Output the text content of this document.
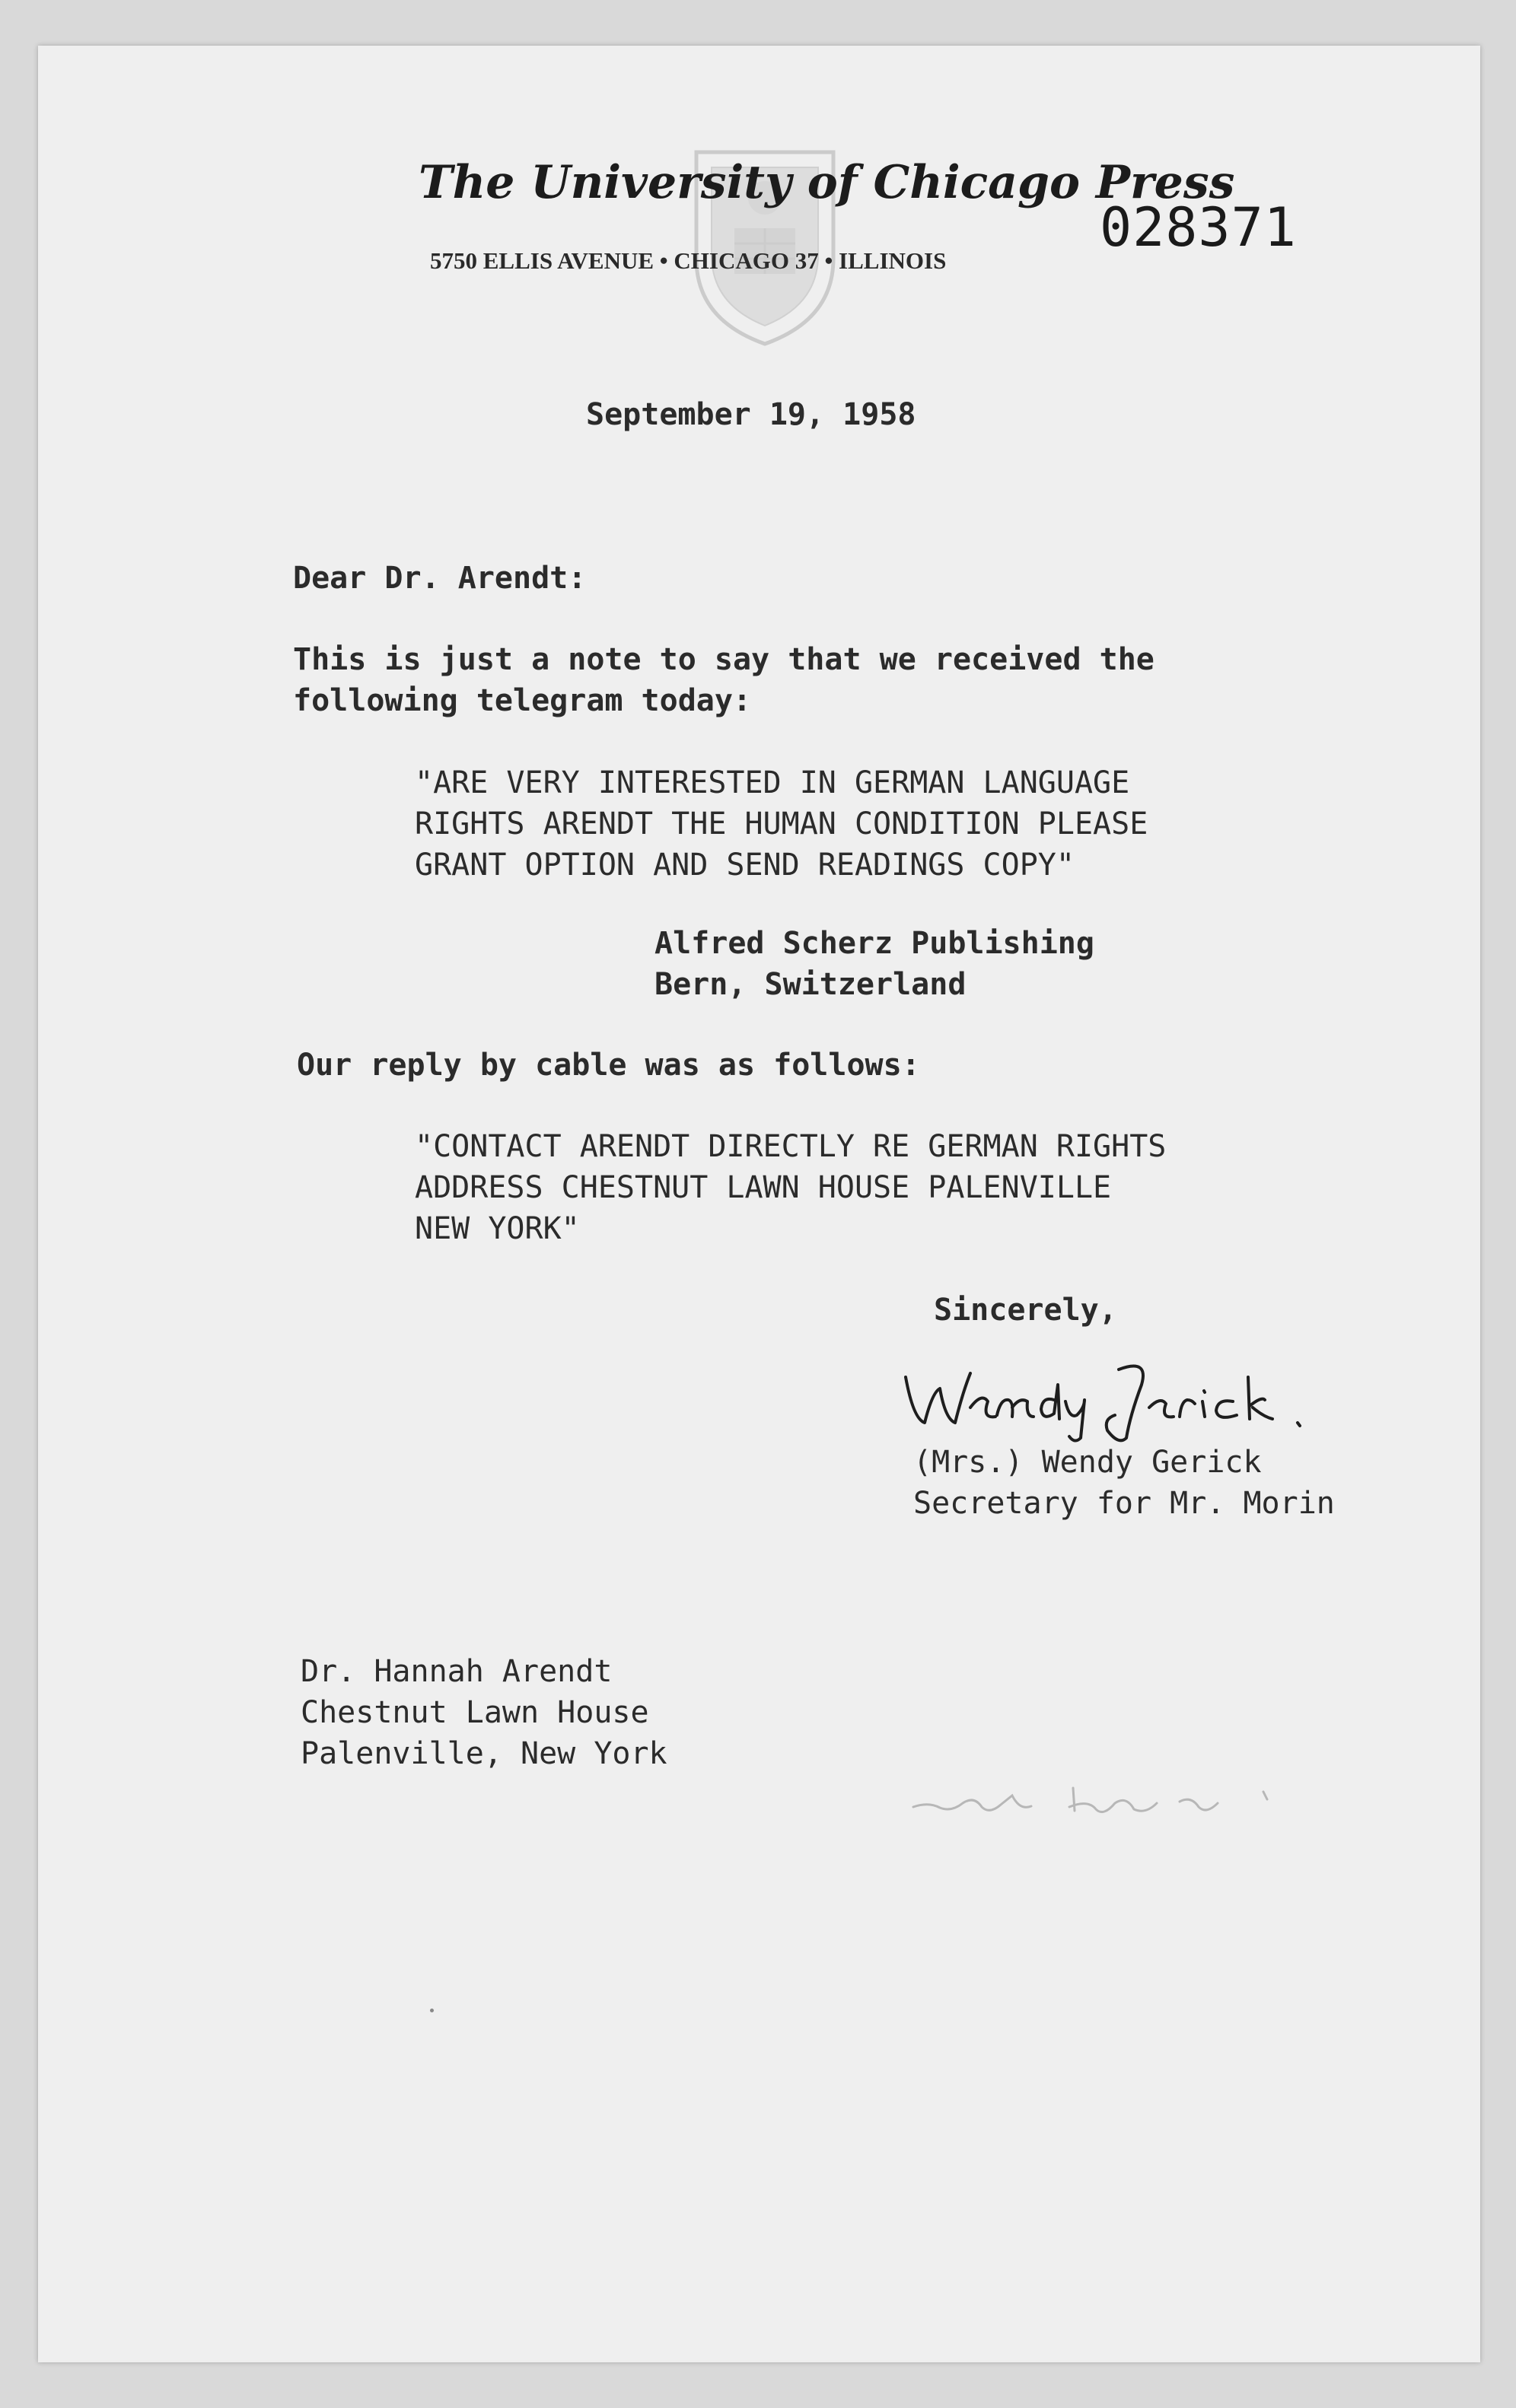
The University of Chicago Press
5750 ELLIS AVENUE • CHICAGO 37 • ILLINOIS
028371
September 19, 1958
Dear Dr. Arendt:
This is just a note to say that we received the
following telegram today:
"ARE VERY INTERESTED IN GERMAN LANGUAGE
RIGHTS ARENDT THE HUMAN CONDITION PLEASE
GRANT OPTION AND SEND READINGS COPY"
Alfred Scherz Publishing
Bern, Switzerland
Our reply by cable was as follows:
"CONTACT ARENDT DIRECTLY RE GERMAN RIGHTS
ADDRESS CHESTNUT LAWN HOUSE PALENVILLE
NEW YORK"
Sincerely,
(Mrs.) Wendy Gerick
Secretary for Mr. Morin
Dr. Hannah Arendt
Chestnut Lawn House
Palenville, New York
